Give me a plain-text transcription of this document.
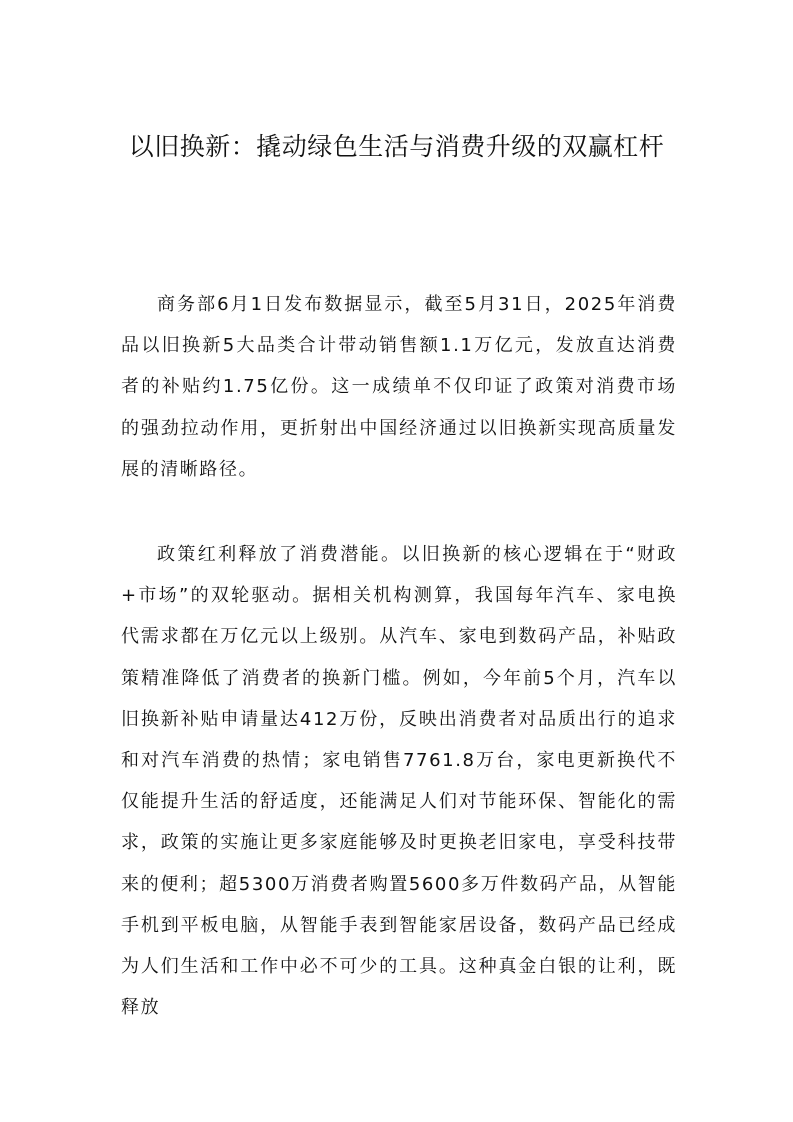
以旧换新：撬动绿色生活与消费升级的双赢杠杆

商务部6月1日发布数据显示，截至5月31日，2025年消费品以旧换新5大品类合计带动销售额1.1万亿元，发放直达消费者的补贴约1.75亿份。这一成绩单不仅印证了政策对消费市场的强劲拉动作用，更折射出中国经济通过以旧换新实现高质量发展的清晰路径。

政策红利释放了消费潜能。以旧换新的核心逻辑在于“财政+市场”的双轮驱动。据相关机构测算，我国每年汽车、家电换代需求都在万亿元以上级别。从汽车、家电到数码产品，补贴政策精准降低了消费者的换新门槛。例如，今年前5个月，汽车以旧换新补贴申请量达412万份，反映出消费者对品质出行的追求和对汽车消费的热情；家电销售7761.8万台，家电更新换代不仅能提升生活的舒适度，还能满足人们对节能环保、智能化的需求，政策的实施让更多家庭能够及时更换老旧家电，享受科技带来的便利；超5300万消费者购置5600多万件数码产品，从智能手机到平板电脑，从智能手表到智能家居设备，数码产品已经成为人们生活和工作中必不可少的工具。这种真金白银的让利，既释放
